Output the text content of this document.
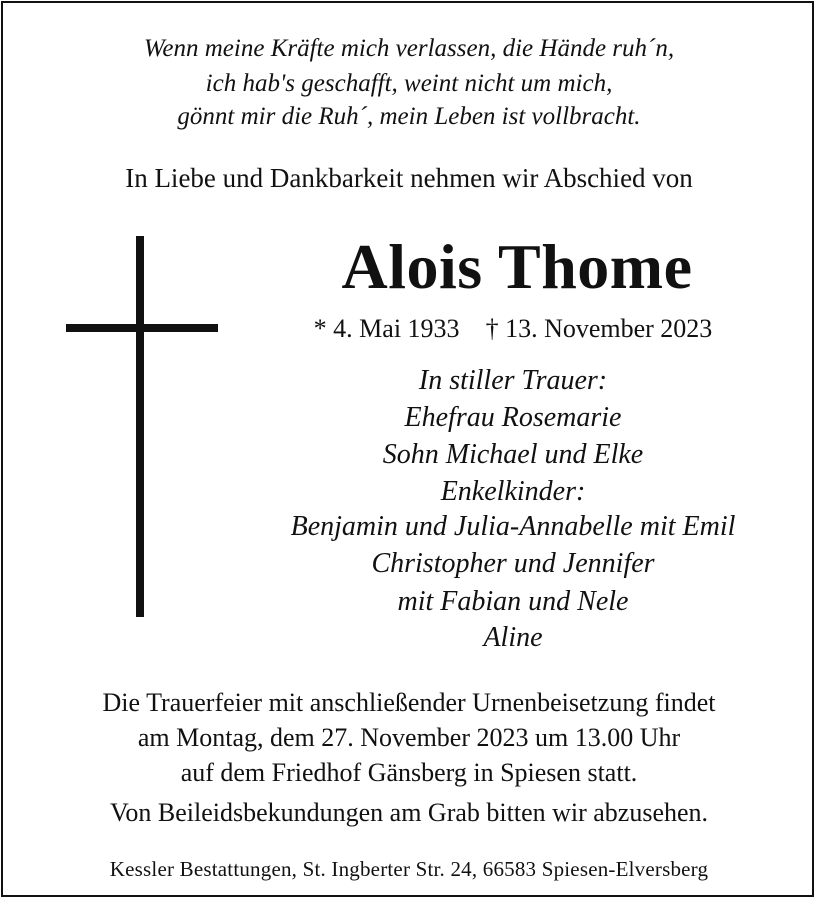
Wenn meine Kräfte mich verlassen, die Hände ruh´n,
ich hab's geschafft, weint nicht um mich,
gönnt mir die Ruh´, mein Leben ist vollbracht.
In Liebe und Dankbarkeit nehmen wir Abschied von
Alois Thome
* 4. Mai 1933 † 13. November 2023
In stiller Trauer:
Ehefrau Rosemarie
Sohn Michael und Elke
Enkelkinder:
Benjamin und Julia-Annabelle mit Emil
Christopher und Jennifer
mit Fabian und Nele
Aline
Die Trauerfeier mit anschließender Urnenbeisetzung findet
am Montag, dem 27. November 2023 um 13.00 Uhr
auf dem Friedhof Gänsberg in Spiesen statt.
Von Beileidsbekundungen am Grab bitten wir abzusehen.
Kessler Bestattungen, St. Ingberter Str. 24, 66583 Spiesen-Elversberg
